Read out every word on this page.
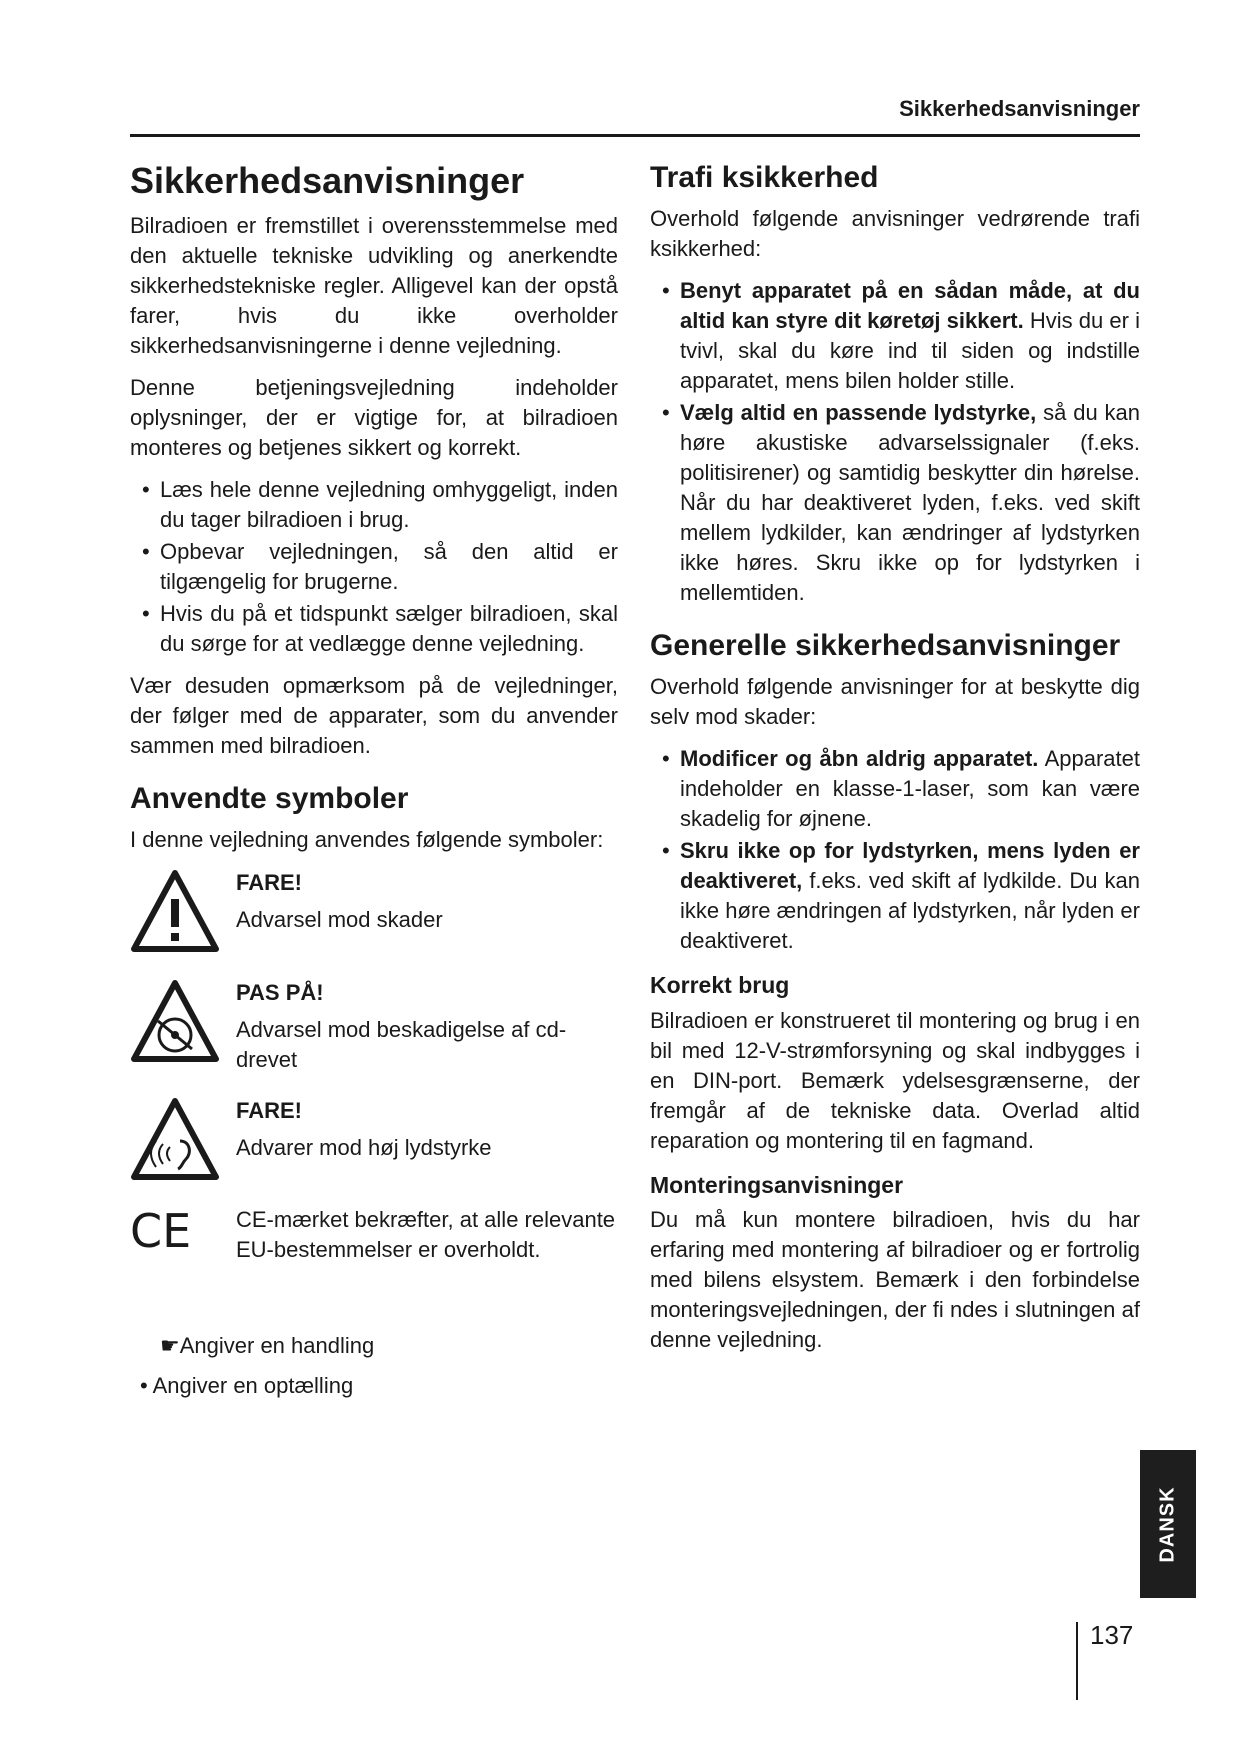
Sikkerhedsanvisninger
Sikkerhedsanvisninger

Bilradioen er fremstillet i overensstemmelse med den aktuelle tekniske udvikling og anerkendte sikkerhedstekniske regler. Alligevel kan der opstå farer, hvis du ikke overholder sikkerhedsanvisningerne i denne vejledning.

Denne betjeningsvejledning indeholder oplysninger, der er vigtige for, at bilradioen monteres og betjenes sikkert og korrekt.

• Læs hele denne vejledning omhyggeligt, inden du tager bilradioen i brug.
• Opbevar vejledningen, så den altid er tilgængelig for brugerne.
• Hvis du på et tidspunkt sælger bilradioen, skal du sørge for at vedlægge denne vejledning.

Vær desuden opmærksom på de vejledninger, der følger med de apparater, som du anvender sammen med bilradioen.

Anvendte symboler

I denne vejledning anvendes følgende symboler:

FARE!
Advarsel mod skader
PAS PÅ!
Advarsel mod beskadigelse af cd-drevet
FARE!
Advarer mod høj lydstyrke
CE	CE-mærket bekræfter, at alle relevante EU-bestemmelser er overholdt.
☛Angiver en handling
• Angiver en optælling
Trafi ksikkerhed

Overhold følgende anvisninger vedrørende trafi ksikkerhed:

• Benyt apparatet på en sådan måde, at du altid kan styre dit køretøj sikkert. Hvis du er i tvivl, skal du køre ind til siden og indstille apparatet, mens bilen holder stille.
• Vælg altid en passende lydstyrke, så du kan høre akustiske advarselssignaler (f.eks. politisirener) og samtidig beskytter din hørelse. Når du har deaktiveret lyden, f.eks. ved skift mellem lydkilder, kan ændringer af lydstyrken ikke høres. Skru ikke op for lydstyrken i mellemtiden.
Generelle sikkerhedsanvisninger

Overhold følgende anvisninger for at beskytte dig selv mod skader:

• Modificer og åbn aldrig apparatet. Apparatet indeholder en klasse-1-laser, som kan være skadelig for øjnene.
• Skru ikke op for lydstyrken, mens lyden er deaktiveret, f.eks. ved skift af lydkilde. Du kan ikke høre ændringen af lydstyrken, når lyden er deaktiveret.
Korrekt brug

Bilradioen er konstrueret til montering og brug i en bil med 12-V-strømforsyning og skal indbygges i en DIN-port. Bemærk ydelsesgrænserne, der fremgår af de tekniske data. Overlad altid reparation og montering til en fagmand.

Monteringsanvisninger

Du må kun montere bilradioen, hvis du har erfaring med montering af bilradioer og er fortrolig med bilens elsystem. Bemærk i den forbindelse monteringsvejledningen, der fi ndes i slutningen af denne vejledning.

DANSK
137
